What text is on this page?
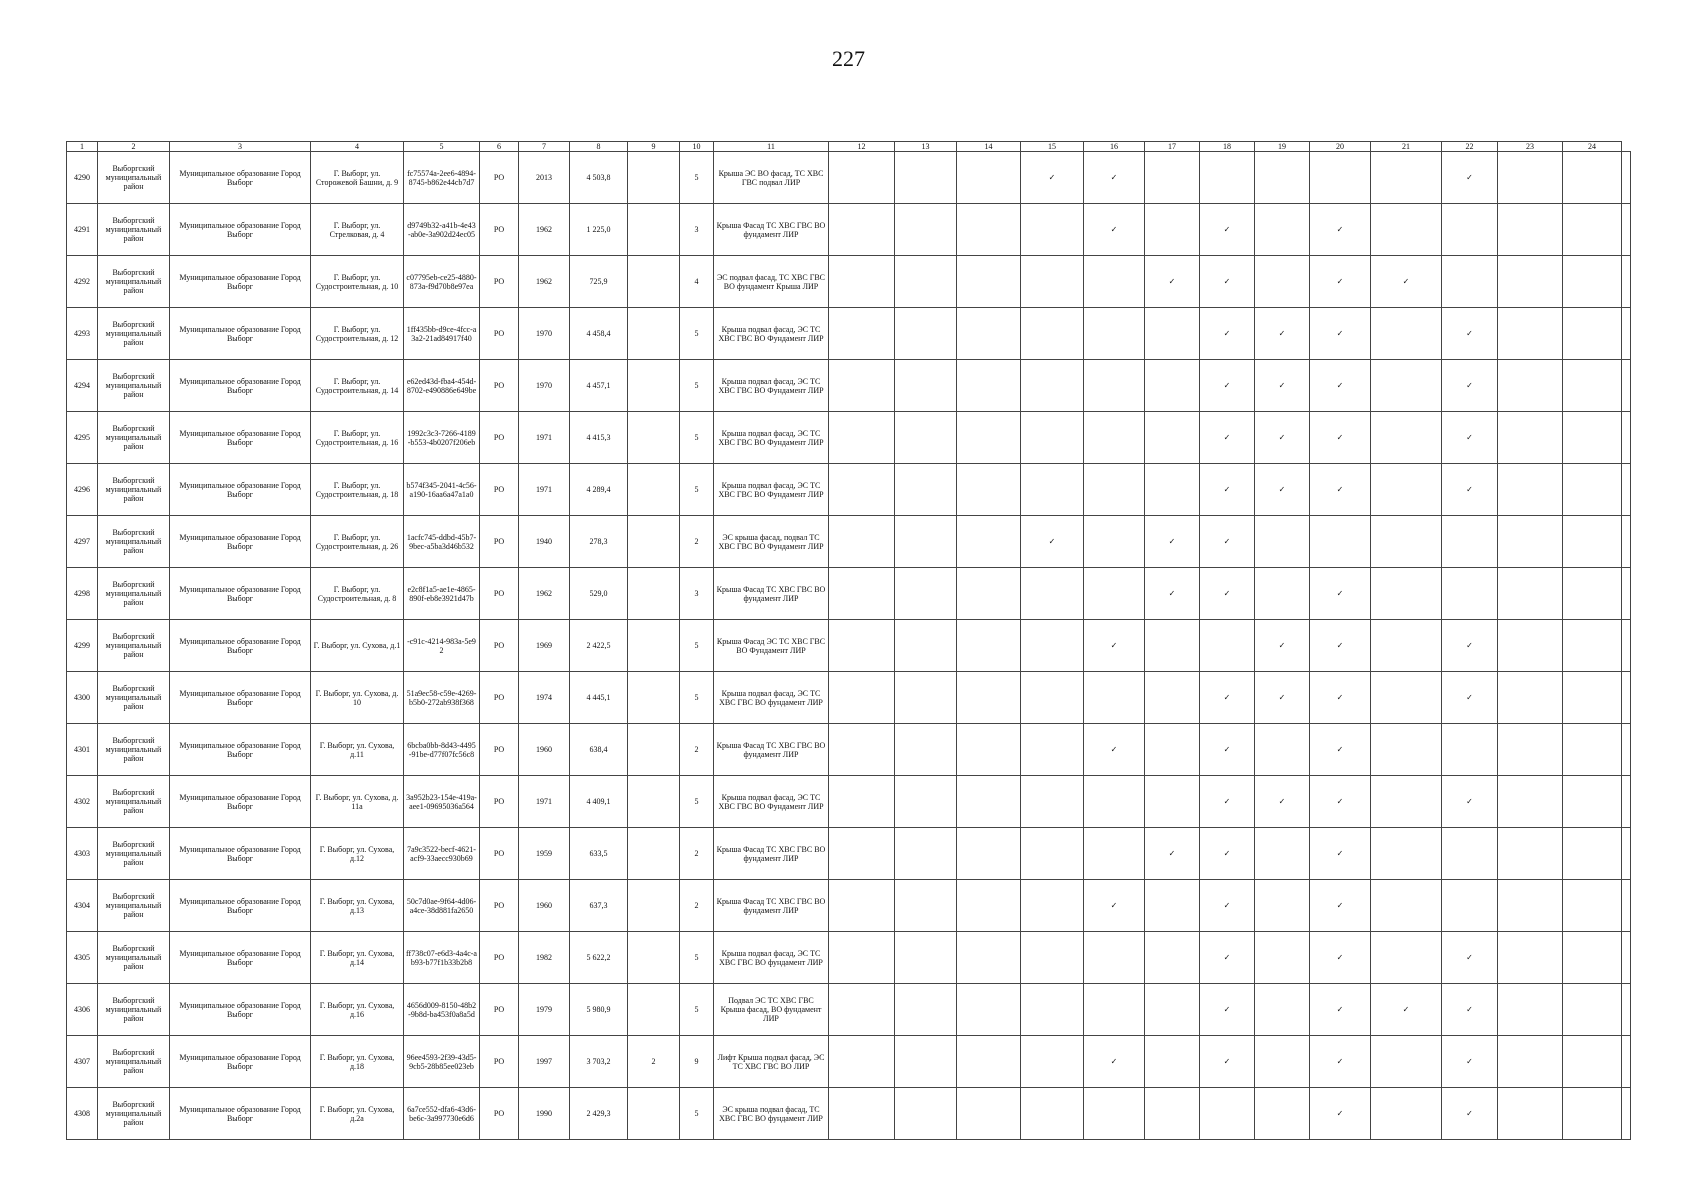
227
1	2	3	4	5	6	7	8	9	10	11	12	13	14	15	16	17	18	19	20	21	22	23	24	
4290	Выборгский муниципальный район	Муниципальное образование Город Выборг	Г. Выборг, ул. Сторожевой Башни, д. 9	fc75574a-2ee6-4894-8745-b862e44cb7d7	РО	2013	4 503,8		5	Крыша ЭС ВО фасад, ТС ХВС ГВС подвал ЛИР				✓	✓						✓			
4291	Выборгский муниципальный район	Муниципальное образование Город Выборг	Г. Выборг, ул. Стрелковая, д. 4	d9749b32-a41b-4e43-ab0e-3a902d24ec05	РО	1962	1 225,0		3	Крыша Фасад ТС ХВС ГВС ВО фундамент ЛИР					✓		✓		✓					
4292	Выборгский муниципальный район	Муниципальное образование Город Выборг	Г. Выборг, ул. Судостроительная, д. 10	c07795eb-ce25-4880-873a-f9d70b8e97ea	РО	1962	725,9		4	ЭС подвал фасад, ТС ХВС ГВС ВО фундамент Крыша ЛИР						✓	✓		✓	✓				
4293	Выборгский муниципальный район	Муниципальное образование Город Выборг	Г. Выборг, ул. Судостроительная, д. 12	1ff435bb-d9ce-4fcc-a3a2-21ad84917f40	РО	1970	4 458,4		5	Крыша подвал фасад, ЭС ТС ХВС ГВС ВО Фундамент ЛИР							✓	✓	✓		✓			
4294	Выборгский муниципальный район	Муниципальное образование Город Выборг	Г. Выборг, ул. Судостроительная, д. 14	e62ed43d-fba4-454d-8702-e490886e649be	РО	1970	4 457,1		5	Крыша подвал фасад, ЭС ТС ХВС ГВС ВО Фундамент ЛИР							✓	✓	✓		✓			
4295	Выборгский муниципальный район	Муниципальное образование Город Выборг	Г. Выборг, ул. Судостроительная, д. 16	1992c3c3-7266-4189-b553-4b0207f206eb	РО	1971	4 415,3		5	Крыша подвал фасад, ЭС ТС ХВС ГВС ВО Фундамент ЛИР							✓	✓	✓		✓			
4296	Выборгский муниципальный район	Муниципальное образование Город Выборг	Г. Выборг, ул. Судостроительная, д. 18	b574f345-2041-4c56-a190-16aa6a47a1a0	РО	1971	4 289,4		5	Крыша подвал фасад, ЭС ТС ХВС ГВС ВО Фундамент ЛИР							✓	✓	✓		✓			
4297	Выборгский муниципальный район	Муниципальное образование Город Выборг	Г. Выборг, ул. Судостроительная, д. 26	1acfc745-ddbd-45b7-9bec-a5ba3d46b532	РО	1940	278,3		2	ЭС крыша фасад, подвал ТС ХВС ГВС ВО Фундамент ЛИР				✓		✓	✓							
4298	Выборгский муниципальный район	Муниципальное образование Город Выборг	Г. Выборг, ул. Судостроительная, д. 8	e2c8f1a5-ae1e-4865-890f-eb8e3921d47b	РО	1962	529,0		3	Крыша Фасад ТС ХВС ГВС ВО фундамент ЛИР						✓	✓		✓					
4299	Выборгский муниципальный район	Муниципальное образование Город Выборг	Г. Выборг, ул. Сухова, д.1	-c91c-4214-983a-5e92	РО	1969	2 422,5		5	Крыша Фасад ЭС ТС ХВС ГВС ВО Фундамент ЛИР					✓			✓	✓		✓			
4300	Выборгский муниципальный район	Муниципальное образование Город Выборг	Г. Выборг, ул. Сухова, д. 10	51a9ec58-c59e-4269-b5b0-272ab938f368	РО	1974	4 445,1		5	Крыша подвал фасад, ЭС ТС ХВС ГВС ВО фундамент ЛИР							✓	✓	✓		✓			
4301	Выборгский муниципальный район	Муниципальное образование Город Выборг	Г. Выборг, ул. Сухова, д.11	6bcba0bb-8d43-4495-91be-d77f07fc56c8	РО	1960	638,4		2	Крыша Фасад ТС ХВС ГВС ВО фундамент ЛИР					✓		✓		✓					
4302	Выборгский муниципальный район	Муниципальное образование Город Выборг	Г. Выборг, ул. Сухова, д. 11а	3a952b23-154e-419a-aee1-09695036a564	РО	1971	4 409,1		5	Крыша подвал фасад, ЭС ТС ХВС ГВС ВО Фундамент ЛИР							✓	✓	✓		✓			
4303	Выборгский муниципальный район	Муниципальное образование Город Выборг	Г. Выборг, ул. Сухова, д.12	7a9c3522-becf-4621-acf9-33aecc930b69	РО	1959	633,5		2	Крыша Фасад ТС ХВС ГВС ВО фундамент ЛИР						✓	✓		✓					
4304	Выборгский муниципальный район	Муниципальное образование Город Выборг	Г. Выборг, ул. Сухова, д.13	50c7d0ae-9f64-4d06-a4ce-38d881fa2650	РО	1960	637,3		2	Крыша Фасад ТС ХВС ГВС ВО фундамент ЛИР					✓		✓		✓					
4305	Выборгский муниципальный район	Муниципальное образование Город Выборг	Г. Выборг, ул. Сухова, д.14	ff738c07-e6d3-4a4c-ab93-b77f1b33b2b8	РО	1982	5 622,2		5	Крыша подвал фасад, ЭС ТС ХВС ГВС ВО фундамент ЛИР							✓		✓		✓			
4306	Выборгский муниципальный район	Муниципальное образование Город Выборг	Г. Выборг, ул. Сухова, д.16	4656d009-8150-48b2-9b8d-ba453f0a8a5d	РО	1979	5 980,9		5	Подвал ЭС ТС ХВС ГВС Крыша фасад, ВО фундамент ЛИР							✓		✓	✓	✓			
4307	Выборгский муниципальный район	Муниципальное образование Город Выборг	Г. Выборг, ул. Сухова, д.18	96ee4593-2f39-43d5-9cb5-28b85ee023eb	РО	1997	3 703,2	2	9	Лифт Крыша подвал фасад, ЭС ТС ХВС ГВС ВО ЛИР					✓		✓		✓		✓			
4308	Выборгский муниципальный район	Муниципальное образование Город Выборг	Г. Выборг, ул. Сухова, д.2а	6a7ce552-dfa6-43d6-be6c-3a997730e6d6	РО	1990	2 429,3		5	ЭС крыша подвал фасад, ТС ХВС ГВС ВО фундамент ЛИР									✓		✓			
